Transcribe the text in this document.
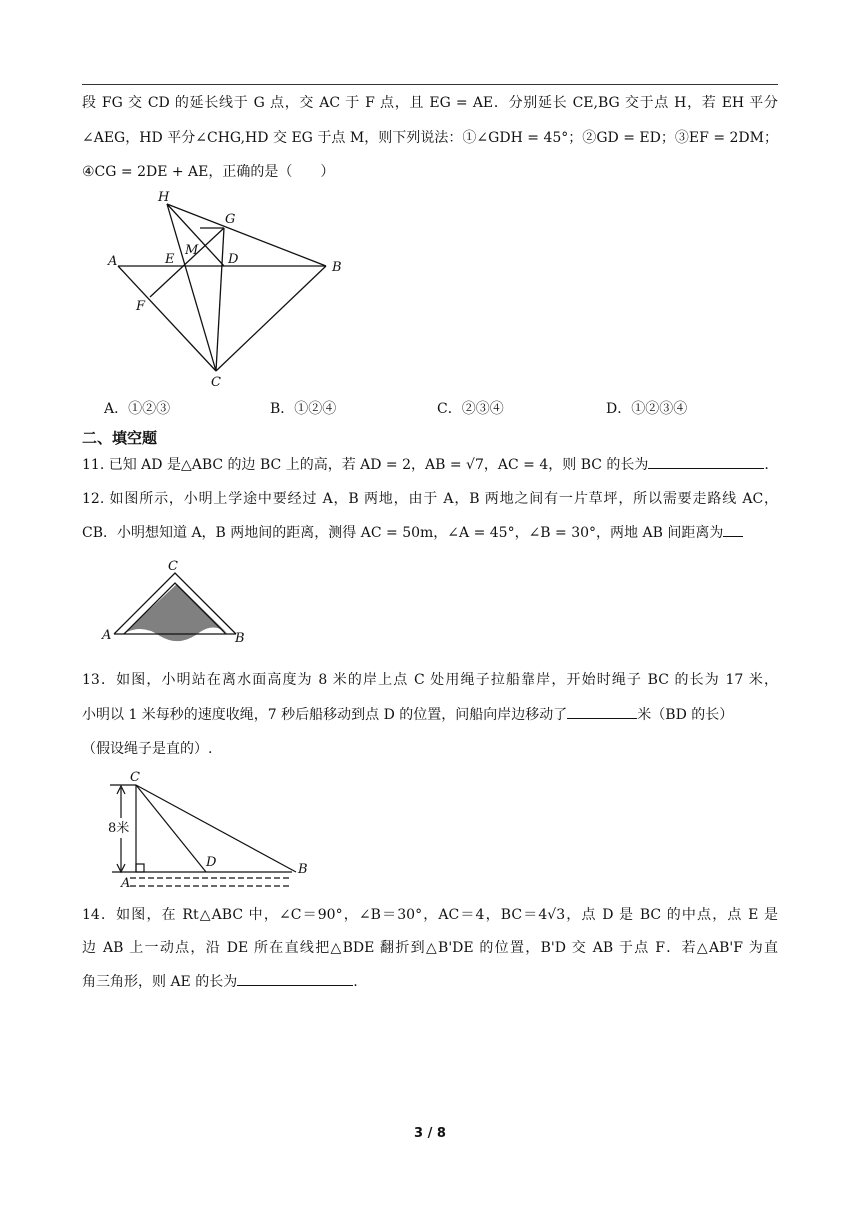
段 FG 交 CD 的延长线于 G 点，交 AC 于 F 点，且 EG = AE．分别延长 CE,BG 交于点 H，若 EH 平分
∠AEG，HD 平分∠CHG,HD 交 EG 于点 M，则下列说法：①∠GDH = 45°；②GD = ED；③EF = 2DM；
④CG = 2DE + AE，正确的是（　　）
H
G
M
A	E	D
B
F
C
A．①②③	B．①②④	C．②③④	D．①②③④
二、填空题
11. 已知 AD 是△ABC 的边 BC 上的高，若 AD = 2，AB = √7，AC = 4，则 BC 的长为	.
12. 如图所示，小明上学途中要经过 A，B 两地，由于 A，B 两地之间有一片草坪，所以需要走路线 AC，
CB．小明想知道 A，B 两地间的距离，测得 AC = 50m，∠A = 45°，∠B = 30°，两地 AB 间距离为
C
A	B
13．如图，小明站在离水面高度为 8 米的岸上点 C 处用绳子拉船靠岸，开始时绳子 BC 的长为 17 米，
小明以 1 米每秒的速度收绳，7 秒后船移动到点 D 的位置，问船向岸边移动了	米（BD 的长）
（假设绳子是直的）.
C
8米
D	B
A
14．如图，在 Rt△ABC 中，∠C＝90°，∠B＝30°，AC＝4，BC＝4√3，点 D 是 BC 的中点，点 E 是
边 AB 上一动点，沿 DE 所在直线把△BDE 翻折到△B'DE 的位置，B'D 交 AB 于点 F．若△AB'F 为直
角三角形，则 AE 的长为	.
3 / 8
